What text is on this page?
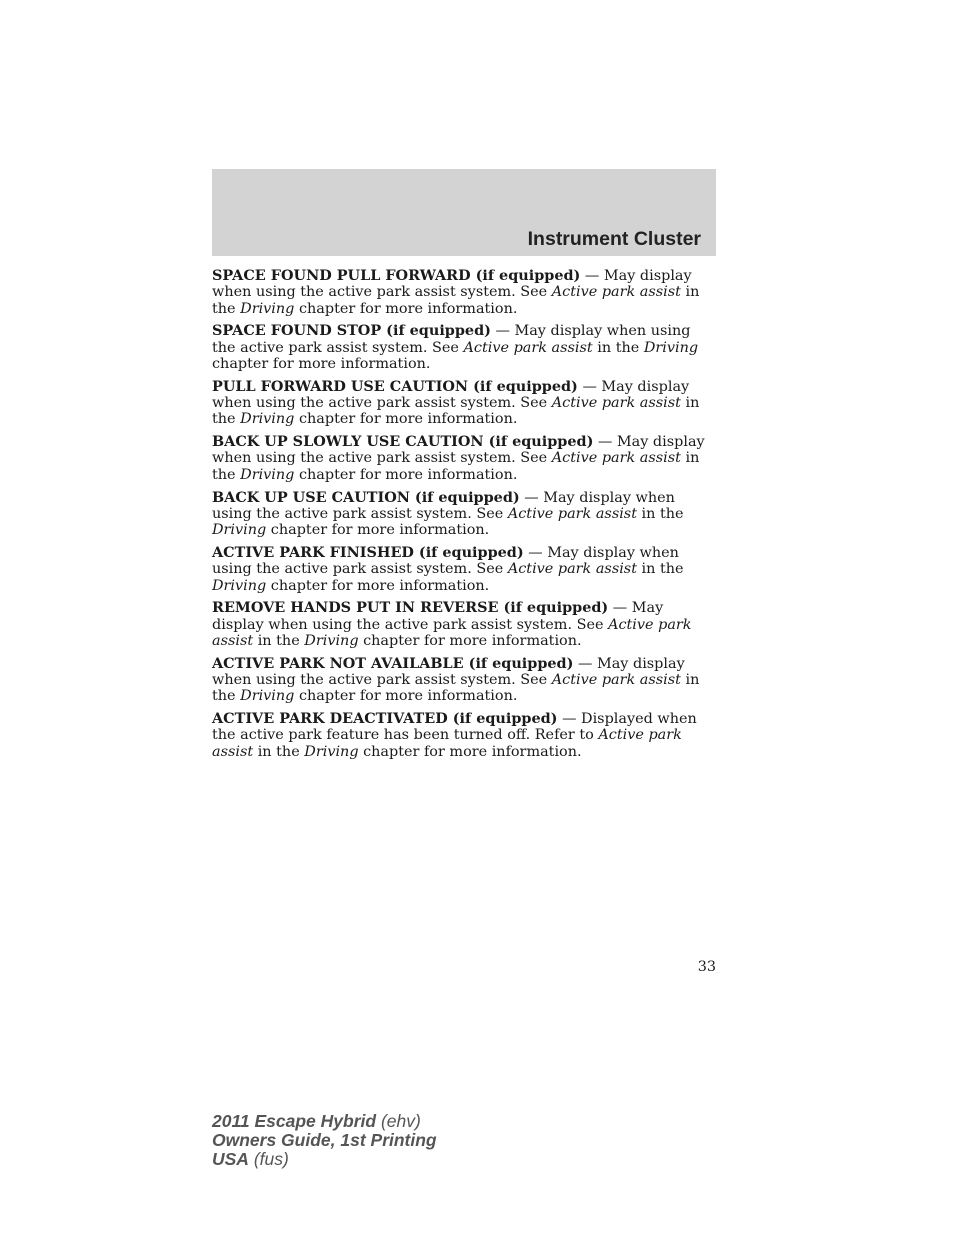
Instrument Cluster

SPACE FOUND PULL FORWARD (if equipped) — May display when using the active park assist system. See Active park assist in the Driving chapter for more information.

SPACE FOUND STOP (if equipped) — May display when using the active park assist system. See Active park assist in the Driving chapter for more information.

PULL FORWARD USE CAUTION (if equipped) — May display when using the active park assist system. See Active park assist in the Driving chapter for more information.

BACK UP SLOWLY USE CAUTION (if equipped) — May display when using the active park assist system. See Active park assist in the Driving chapter for more information.

BACK UP USE CAUTION (if equipped) — May display when using the active park assist system. See Active park assist in the Driving chapter for more information.

ACTIVE PARK FINISHED (if equipped) — May display when using the active park assist system. See Active park assist in the Driving chapter for more information.

REMOVE HANDS PUT IN REVERSE (if equipped) — May display when using the active park assist system. See Active park assist in the Driving chapter for more information.

ACTIVE PARK NOT AVAILABLE (if equipped) — May display when using the active park assist system. See Active park assist in the Driving chapter for more information.

ACTIVE PARK DEACTIVATED (if equipped) — Displayed when the active park feature has been turned off. Refer to Active park assist in the Driving chapter for more information.

33
2011 Escape Hybrid (ehv)
Owners Guide, 1st Printing
USA (fus)
